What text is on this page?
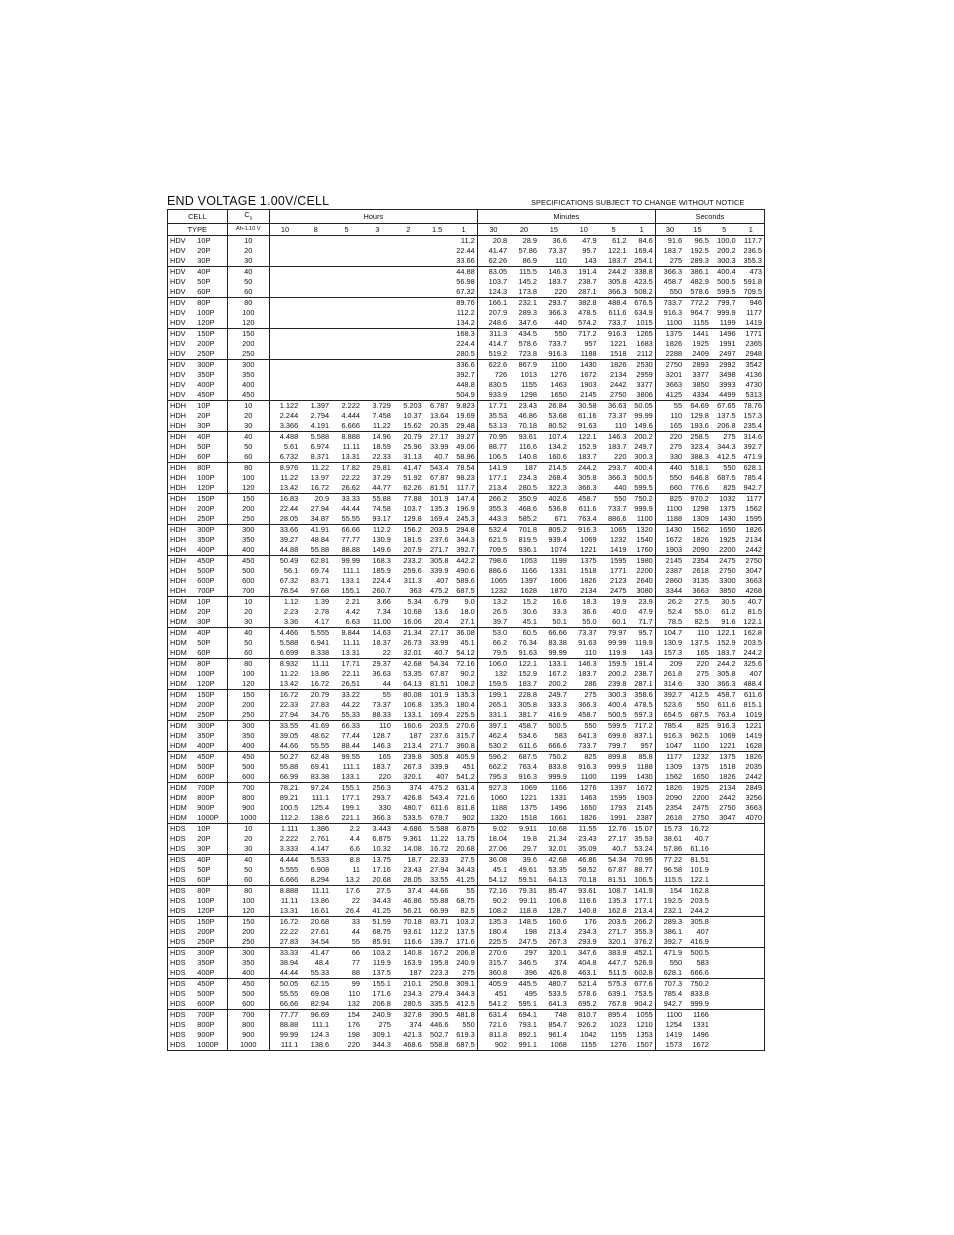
END VOLTAGE 1.00V/CELL	SPECIFICATIONS SUBJECT TO CHANGE WITHOUT NOTICE
CELL		$C_s$	Hours							Minutes						Seconds			
TYPE		Ah-1.10 V	10	8	5	3	2	1.5	1	30	20	15	10	5	1	30	15	5	1
HDV	10P	10							11.2	20.8	28.9	36.6	47.9	61.2	84.6	91.6	96.5	100.0	117.7
HDV	20P	20							22.44	41.47	57.86	73.37	95.7	122.1	169.4	183.7	192.5	200.2	236.5
HDV	30P	30							33.66	62.26	86.9	110	143	183.7	254.1	275	289.3	300.3	355.3
HDV	40P	40							44.88	83.05	115.5	146.3	191.4	244.2	338.8	366.3	386.1	400.4	473
HDV	50P	50							56.98	103.7	145.2	183.7	238.7	305.8	423.5	458.7	482.9	500.5	591.8
HDV	60P	60							67.32	124.3	173.8	220	287.1	366.3	508.2	550	578.6	599.5	709.5
HDV	80P	80							89.76	166.1	232.1	293.7	382.8	488.4	676.5	733.7	772.2	799.7	946
HDV	100P	100							112.2	207.9	289.3	366.3	478.5	611.6	634.9	916.3	964.7	999.9	1177
HDV	120P	120							134.2	248.6	347.6	440	574.2	733.7	1015	1100	1155	1199	1419
HDV	150P	150							168.3	311.3	434.5	550	717.2	916.3	1265	1375	1441	1496	1771
HDV	200P	200							224.4	414.7	578.6	733.7	957	1221	1683	1826	1925	1991	2365
HDV	250P	250							280.5	519.2	723.8	916.3	1188	1518	2112	2288	2409	2497	2948
HDV	300P	300							336.6	622.6	867.9	1100	1430	1826	2530	2750	2893	2992	3542
HDV	350P	350							392.7	726	1013	1276	1672	2134	2959	3201	3377	3498	4136
HDV	400P	400							448.8	830.5	1155	1463	1903	2442	3377	3663	3850	3993	4730
HDV	450P	450							504.9	933.9	1298	1650	2145	2750	3806	4125	4334	4499	5313
HDH	10P	10	1.122	1.397	2.222	3.729	5.203	6.787	9.823	17.71	23.43	26.84	30.58	36.63	50.05	55	64.69	67.65	78.76
HDH	20P	20	2.244	2.794	4.444	7.458	10.37	13.64	19.69	35.53	46.86	53.68	61.16	73.37	99.99	110	129.8	137.5	157.3
HDH	30P	30	3.366	4.191	6.666	11.22	15.62	20.35	29.48	53.13	70.18	80.52	91.63	110	149.6	165	193.6	206.8	235.4
HDH	40P	40	4.488	5.588	8.888	14.96	20.79	27.17	39.27	70.95	93.61	107.4	122.1	146.3	200.2	220	258.5	275	314.6
HDH	50P	50	5.61	6.974	11.11	18.59	25.96	33.99	49.06	88.77	116.6	134.2	152.9	183.7	249.7	275	323.4	344.3	392.7
HDH	60P	60	6.732	8.371	13.31	22.33	31.13	40.7	58.96	106.5	140.8	160.6	183.7	220	300.3	330	388.3	412.5	471.9
HDH	80P	80	8.976	11.22	17.82	29.81	41.47	543.4	78.54	141.9	187	214.5	244.2	293.7	400.4	440	518.1	550	628.1
HDH	100P	100	11.22	13.97	22.22	37.29	51.92	67.87	98.23	177.1	234.3	268.4	305.8	366.3	500.5	550	646.8	687.5	785.4
HDH	120P	120	13.42	16.72	26.62	44.77	62.26	81.51	117.7	213.4	280.5	322.3	366.3	440	599.5	660	776.6	825	942.7
HDH	150P	150	16.83	20.9	33.33	55.88	77.88	101.9	147.4	266.2	350.9	402.6	458.7	550	750.2	825	970.2	1032	1177
HDH	200P	200	22.44	27.94	44.44	74.58	103.7	135.3	196.9	355.3	468.6	536.8	611.6	733.7	999.9	1100	1298	1375	1562
HDH	250P	250	28.05	34.87	55.55	93.17	129.8	169.4	245.3	443.3	585.2	671	763.4	886.6	1100	1188	1309	1430	1595
HDH	300P	300	33.66	41.91	66.66	112.2	156.2	203.5	294.8	532.4	701.8	805.2	916.3	1065	1320	1430	1562	1650	1826
HDH	350P	350	39.27	48.84	77.77	130.9	181.5	237.6	344.3	621.5	819.5	939.4	1069	1232	1540	1672	1826	1925	2134
HDH	400P	400	44.88	55.88	88.88	149.6	207.9	271.7	392.7	709.5	936.1	1074	1221	1419	1760	1903	2090	2200	2442
HDH	450P	450	50.49	62.81	99.99	168.3	233.2	305.8	442.2	798.6	1053	1199	1375	1595	1980	2145	2354	2475	2750
HDH	500P	500	56.1	69.74	111.1	185.9	259.6	339.9	490.6	886.6	1166	1331	1518	1771	2200	2387	2618	2750	3047
HDH	600P	600	67.32	83.71	133.1	224.4	311.3	407	589.6	1065	1397	1606	1826	2123	2640	2860	3135	3300	3663
HDH	700P	700	78.54	97.68	155.1	260.7	363	475.2	687.5	1232	1628	1870	2134	2475	3080	3344	3663	3850	4268
HDM	10P	10	1.12	1.39	2.21	3.66	5.34	6.79	9.0	13.2	15.2	16.6	18.3	19.9	23.9	26.2	27.5	30.5	40.7
HDM	20P	20	2.23	2.78	4.42	7.34	10.68	13.6	18.0	26.5	30.6	33.3	36.6	40.0	47.9	52.4	55.0	61.2	81.5
HDM	30P	30	3.36	4.17	6.63	11.00	16.06	20.4	27.1	39.7	45.1	50.1	55.0	60.1	71.7	78.5	82.5	91.6	122.1
HDM	40P	40	4.466	5.555	8.844	14.63	21.34	27.17	36.08	53.0	60.5	66.66	73.37	79.97	95.7	104.7	110	122.1	162.8
HDM	50P	50	5.588	6.941	11.11	18.37	26.73	33.99	45.1	66.2	76.34	83.38	91.63	99.99	119.9	130.9	137.5	152.9	203.5
HDM	60P	60	6.699	8.338	13.31	22	32.01	40.7	54.12	79.5	91.63	99.99	110	119.9	143	157.3	165	183.7	244.2
HDM	80P	80	8.932	11.11	17.71	29.37	42.68	54.34	72.16	106.0	122.1	133.1	146.3	159.5	191.4	209	220	244.2	325.6
HDM	100P	100	11.22	13.86	22.11	36.63	53.35	67.87	90.2	132	152.9	167.2	183.7	200.2	238.7	261.8	275	305.8	407
HDM	120P	120	13.42	16.72	26.51	44	64.13	81.51	108.2	159.5	183.7	200.2	286	239.8	287.1	314.6	330	366.3	488.4
HDM	150P	150	16.72	20.79	33.22	55	80.08	101.9	135.3	199.1	228.8	249.7	275	300.3	358.6	392.7	412.5	458.7	611.6
HDM	200P	200	22.33	27.83	44.22	73.37	106.8	135.3	180.4	265.1	305.8	333.3	366.3	400.4	478.5	523.6	550	611.6	815.1
HDM	250P	250	27.94	34.76	55.33	88.33	133.1	169.4	225.5	331.1	381.7	416.9	458.7	500.5	597.3	654.5	687.5	763.4	1019
HDM	300P	300	33.55	41.69	66.33	110	160.6	203.5	270.6	397.1	458.7	500.5	550	599.5	717.2	785.4	825	916.3	1221
HDM	350P	350	39.05	48.62	77.44	128.7	187	237.6	315.7	462.4	534.6	583	641.3	699.6	837.1	916.3	962.5	1069	1419
HDM	400P	400	44.66	55.55	88.44	146.3	213.4	271.7	360.8	530.2	611.6	666.6	733.7	799.7	957	1047	1100	1221	1628
HDM	450P	450	50.27	62.48	99.55	165	239.8	305.8	405.9	596.2	687.5	750.2	825	899.8	85.8	1177	1232	1375	1826
HDM	500P	500	55.88	69.41	111.1	183.7	267.3	339.9	451	662.2	763.4	833.8	916.3	999.9	1188	1309	1375	1518	2035
HDM	600P	600	66.99	83.38	133.1	220	320.1	407	541.2	795.3	916.3	999.9	1100	1199	1430	1562	1650	1826	2442
HDM	700P	700	78.21	97.24	155.1	256.3	374	475.2	631.4	927.3	1069	1166	1276	1397	1672	1826	1925	2134	2849
HDM	800P	800	89.21	111.1	177.1	293.7	426.8	543.4	721.6	1060	1221	1331	1463	1595	1903	2090	2200	2442	3256
HDM	900P	900	100.5	125.4	199.1	330	480.7	611.6	811.8	1188	1375	1496	1650	1793	2145	2354	2475	2750	3663
HDM	1000P	1000	112.2	138.6	221.1	366.3	533.5	678.7	902	1320	1518	1661	1826	1991	2387	2618	2750	3047	4070
HDS	10P	10	1.111	1.386	2.2	3.443	4.686	5.588	6.875	9.02	9.911	10.68	11.55	12.76	15.07	15.73	16.72		
HDS	20P	20	2.222	2.761	4.4	6.875	9.361	11.22	13.75	18.04	19.8	21.34	23.43	27.17	35.53	38.61	40.7		
HDS	30P	30	3.333	4.147	6.6	10.32	14.08	16.72	20.68	27.06	29.7	32.01	35.09	40.7	53.24	57.86	61.16		
HDS	40P	40	4.444	5.533	8.8	13.75	18.7	22.33	27.5	36.08	39.6	42.68	46.86	54.34	70.95	77.22	81.51		
HDS	50P	50	5.555	6.908	11	17.16	23.43	27.94	34.43	45.1	49.61	53.35	58.52	67.87	88.77	96.58	101.9		
HDS	60P	60	6.666	8.294	13.2	20.68	28.05	33.55	41.25	54.12	59.51	64.13	70.18	81.51	106.5	115.5	122.1		
HDS	80P	80	8.888	11.11	17.6	27.5	37.4	44.66	55	72.16	79.31	85.47	93.61	108.7	141.9	154	162.8		
HDS	100P	100	11.11	13.86	22	34.43	46.86	55.88	68.75	90.2	99.11	106.8	116.6	135.3	177.1	192.5	203.5		
HDS	120P	120	13.31	16.61	26.4	41.25	56.21	66.99	82.5	108.2	118.8	128.7	140.8	162.8	213.4	232.1	244.2		
HDS	150P	150	16.72	20.68	33	51.59	70.18	83.71	103.2	135.3	148.5	160.6	176	203.5	266.2	289.3	305.8		
HDS	200P	200	22.22	27.61	44	68.75	93.61	112.2	137.5	180.4	198	213.4	234.3	271.7	355.3	386.1	407		
HDS	250P	250	27.83	34.54	55	85.91	116.6	139.7	171.6	225.5	247.5	267.3	293.9	320.1	376.2	392.7	416.9		
HDS	300P	300	33.33	41.47	66	103.2	140.8	167.2	206.8	270.6	297	320.1	347.6	383.9	452.1	471.9	500.5		
HDS	350P	350	38.94	48.4	77	119.9	163.9	195.8	240.9	315.7	346.5	374	404.8	447.7	526.9	550	583		
HDS	400P	400	44.44	55.33	88	137.5	187	223.3	275	360.8	396	426.8	463.1	511.5	602.8	628.1	666.6		
HDS	450P	450	50.05	62.15	99	155.1	210.1	250.8	309.1	405.9	445.5	480.7	521.4	575.3	677.6	707.3	750.2		
HDS	500P	500	55.55	69.08	110	171.6	234.3	279.4	344.3	451	495	533.5	578.6	639.1	753.5	785.4	833.8		
HDS	600P	600	66.66	82.94	132	206.8	280.5	335.5	412.5	541.2	595.1	641.3	695.2	767.8	904.2	942.7	999.9		
HDS	700P	700	77.77	96.69	154	240.9	327.8	390.5	481.8	631.4	694.1	748	810.7	895.4	1055	1100	1166		
HDS	800P	800	88.88	111.1	176	275	374	446.6	550	721.6	793.1	854.7	926.2	1023	1210	1254	1331		
HDS	900P	900	99.99	124.3	198	309.1	421.3	502.7	619.3	811.8	892.1	961.4	1042	1155	1353	1419	1496		
HDS	1000P	1000	111.1	138.6	220	344.3	468.6	558.8	687.5	902	991.1	1068	1155	1276	1507	1573	1672		
